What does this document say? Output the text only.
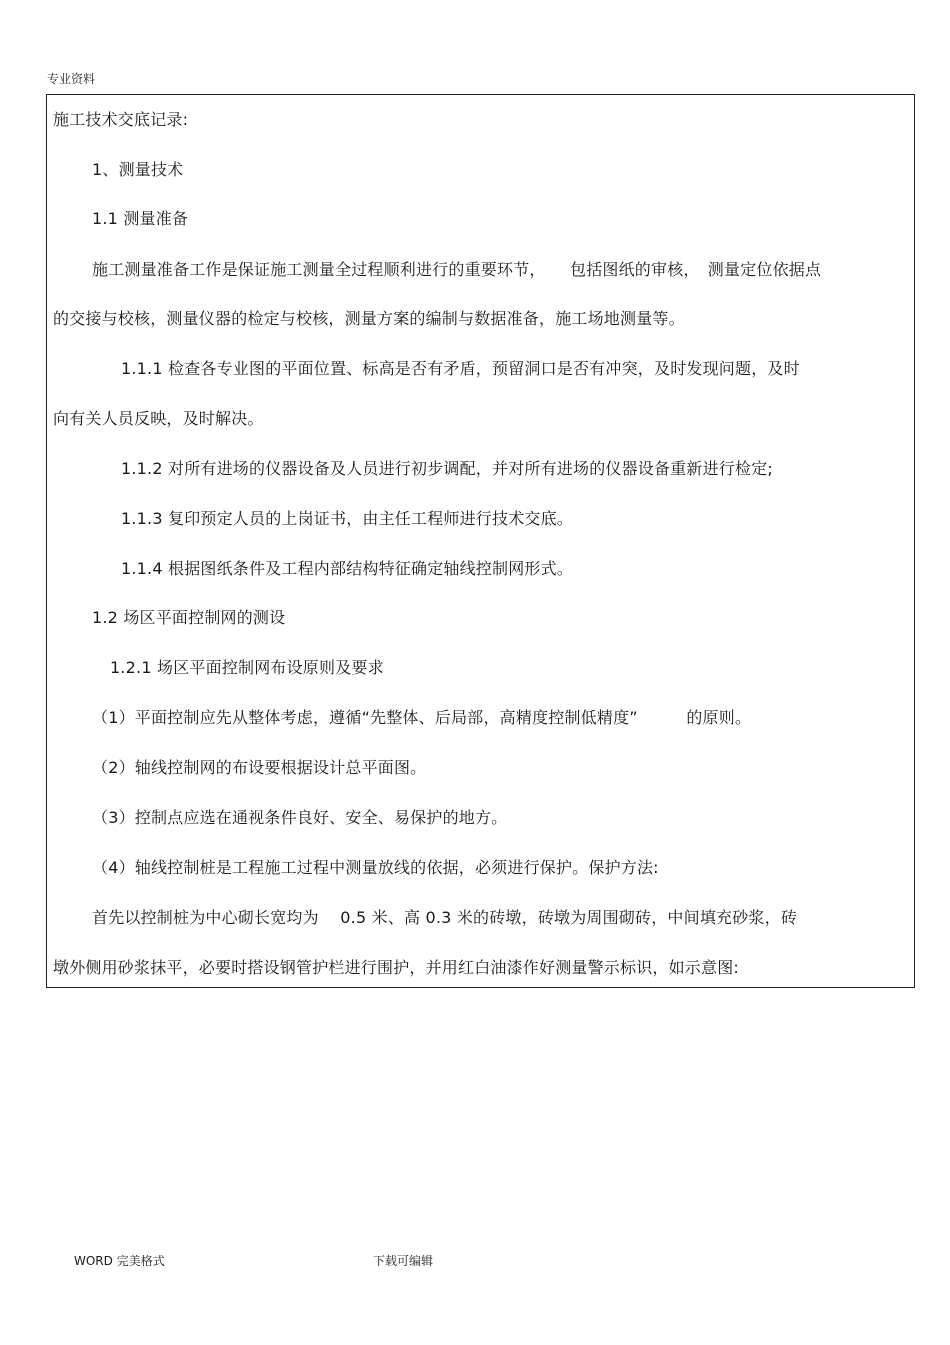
专业资料
施工技术交底记录:
1、测量技术
1.1 测量准备
施工测量准备工作是保证施工测量全过程顺利进行的重要环节，　　包括图纸的审核，　测量定位依据点
的交接与校核，测量仪器的检定与校核，测量方案的编制与数据准备，施工场地测量等。
1.1.1 检查各专业图的平面位置、标高是否有矛盾，预留洞口是否有冲突，及时发现问题，及时
向有关人员反映，及时解决。
1.1.2 对所有进场的仪器设备及人员进行初步调配，并对所有进场的仪器设备重新进行检定;
1.1.3 复印预定人员的上岗证书，由主任工程师进行技术交底。
1.1.4 根据图纸条件及工程内部结构特征确定轴线控制网形式。
1.2 场区平面控制网的测设
1.2.1 场区平面控制网布设原则及要求
（1）平面控制应先从整体考虑，遵循“先整体、后局部，高精度控制低精度”　　　的原则。
（2）轴线控制网的布设要根据设计总平面图。
（3）控制点应选在通视条件良好、安全、易保护的地方。
（4）轴线控制桩是工程施工过程中测量放线的依据，必须进行保护。保护方法:
首先以控制桩为中心砌长宽均为　 0.5 米、高 0.3 米的砖墩，砖墩为周围砌砖，中间填充砂浆，砖
墩外侧用砂浆抹平，必要时搭设钢管护栏进行围护，并用红白油漆作好测量警示标识，如示意图:
WORD 完美格式	下载可编辑
